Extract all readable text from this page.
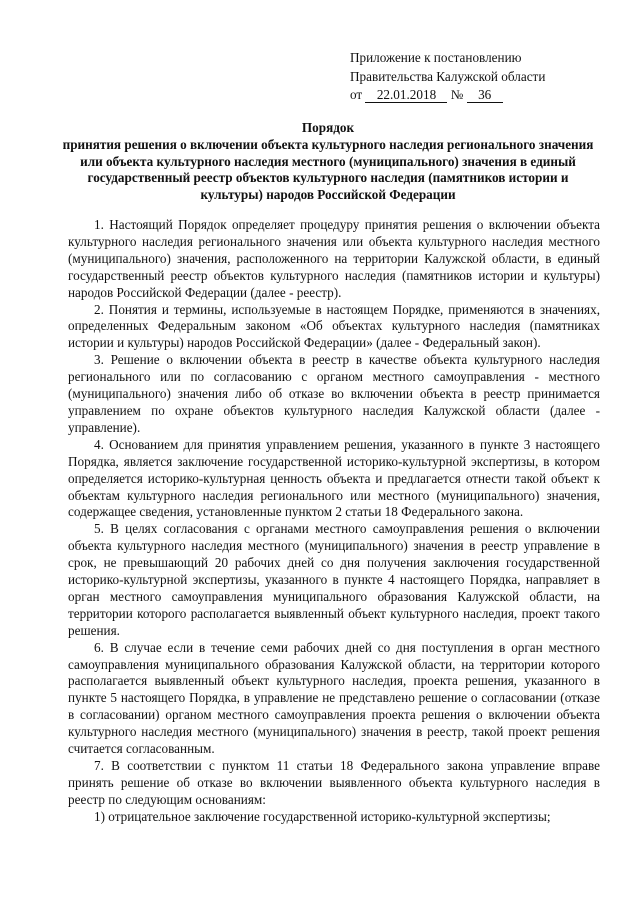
Приложение к постановлению
Правительства Калужской области
от 22.01.2018 № 36
Порядок
принятия решения о включении объекта культурного наследия регионального значения или объекта культурного наследия местного (муниципального) значения в единый государственный реестр объектов культурного наследия (памятников истории и культуры) народов Российской Федерации

1. Настоящий Порядок определяет процедуру принятия решения о включении объекта культурного наследия регионального значения или объекта культурного наследия местного (муниципального) значения, расположенного на территории Калужской области, в единый государственный реестр объектов культурного наследия (памятников истории и культуры) народов Российской Федерации (далее - реестр).

2. Понятия и термины, используемые в настоящем Порядке, применяются в значениях, определенных Федеральным законом «Об объектах культурного наследия (памятниках истории и культуры) народов Российской Федерации» (далее - Федеральный закон).

3. Решение о включении объекта в реестр в качестве объекта культурного наследия регионального или по согласованию с органом местного самоуправления - местного (муниципального) значения либо об отказе во включении объекта в реестр принимается управлением по охране объектов культурного наследия Калужской области (далее - управление).

4. Основанием для принятия управлением решения, указанного в пункте 3 настоящего Порядка, является заключение государственной историко-культурной экспертизы, в котором определяется историко-культурная ценность объекта и предлагается отнести такой объект к объектам культурного наследия регионального или местного (муниципального) значения, содержащее сведения, установленные пунктом 2 статьи 18 Федерального закона.

5. В целях согласования с органами местного самоуправления решения о включении объекта культурного наследия местного (муниципального) значения в реестр управление в срок, не превышающий 20 рабочих дней со дня получения заключения государственной историко-культурной экспертизы, указанного в пункте 4 настоящего Порядка, направляет в орган местного самоуправления муниципального образования Калужской области, на территории которого располагается выявленный объект культурного наследия, проект такого решения.

6. В случае если в течение семи рабочих дней со дня поступления в орган местного самоуправления муниципального образования Калужской области, на территории которого располагается выявленный объект культурного наследия, проекта решения, указанного в пункте 5 настоящего Порядка, в управление не представлено решение о согласовании (отказе в согласовании) органом местного самоуправления проекта решения о включении объекта культурного наследия местного (муниципального) значения в реестр, такой проект решения считается согласованным.

7. В соответствии с пунктом 11 статьи 18 Федерального закона управление вправе принять решение об отказе во включении выявленного объекта культурного наследия в реестр по следующим основаниям:

1) отрицательное заключение государственной историко-культурной экспертизы;
